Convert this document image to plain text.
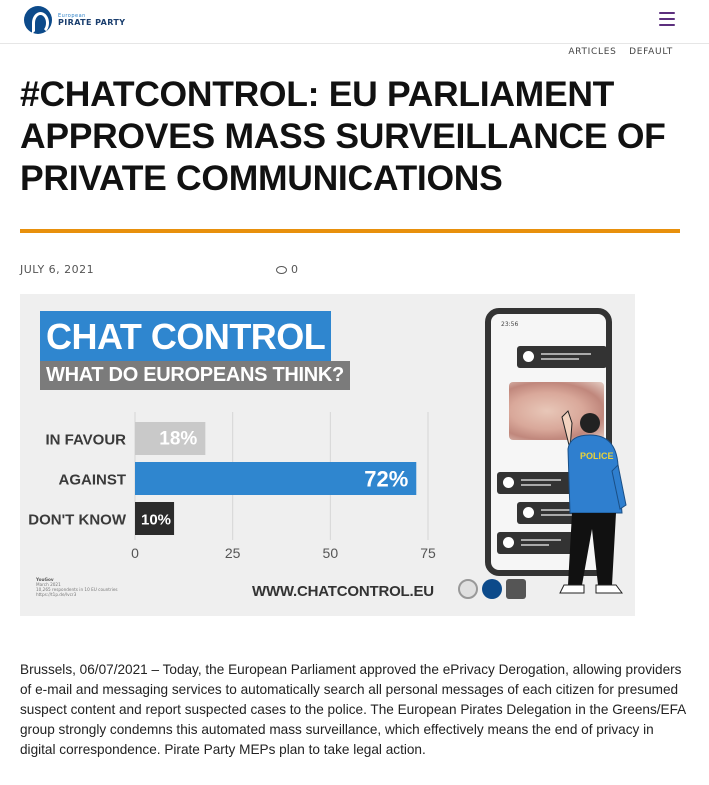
European
PIRATE PARTY
ARTICLES DEFAULT
#CHATCONTROL: EU PARLIAMENT APPROVES MASS SURVEILLANCE OF PRIVATE COMMUNICATIONS
JULY 6, 2021	0
CHAT CONTROL
WHAT DO EUROPEANS THINK?
IN FAVOUR 18%
AGAINST	72%
DON'T KNOW 10%
0	25	50	75
YouGov
March 2021
10,265 respondents in 10 EU countries
https://t1p.de/lvcr3	WWW.CHATCONTROL.EU
23:56
POLICE

Brussels, 06/07/2021 – Today, the European Parliament approved the ePrivacy Derogation, allowing providers of e-mail and messaging services to automatically search all personal messages of each citizen for presumed suspect content and report suspected cases to the police. The European Pirates Delegation in the Greens/EFA group strongly condemns this automated mass surveillance, which effectively means the end of privacy in digital correspondence. Pirate Party MEPs plan to take legal action.
